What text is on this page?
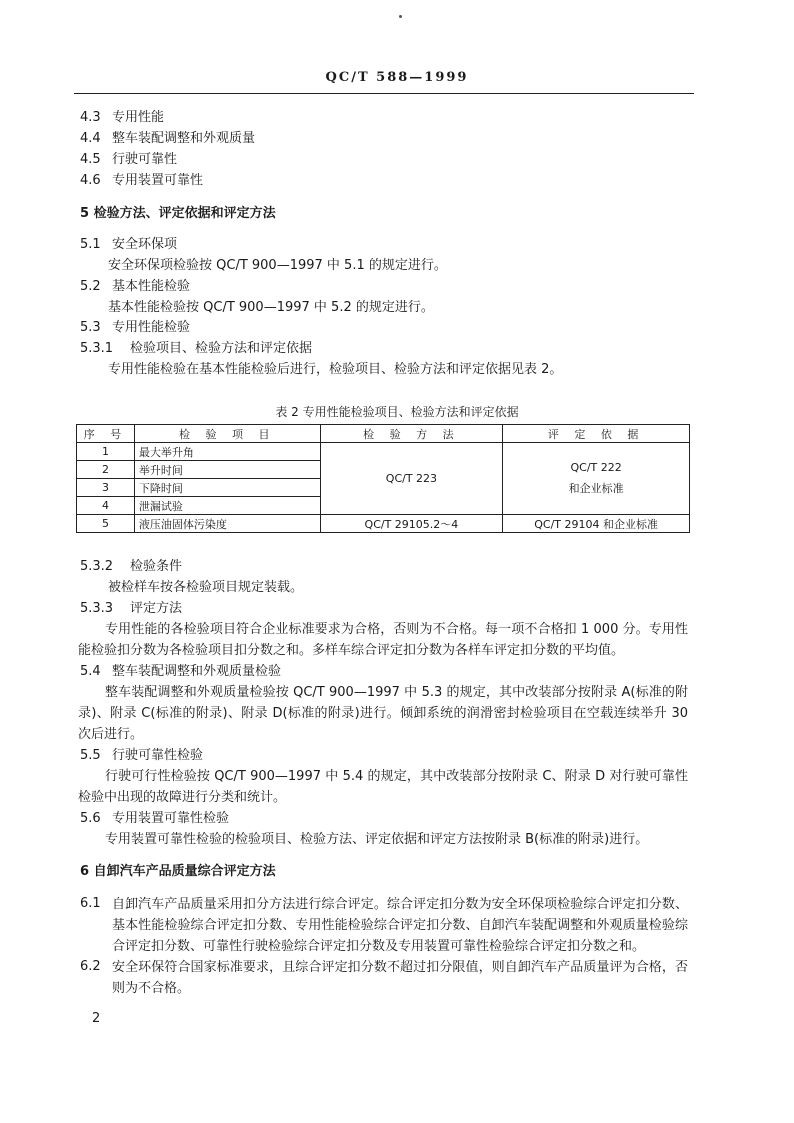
QC/T 588—1999
4.3 专用性能
4.4 整车装配调整和外观质量
4.5 行驶可靠性
4.6 专用装置可靠性
5 检验方法、评定依据和评定方法
5.1 安全环保项
安全环保项检验按 QC/T 900—1997 中 5.1 的规定进行。
5.2 基本性能检验
基本性能检验按 QC/T 900—1997 中 5.2 的规定进行。
5.3 专用性能检验
5.3.1 检验项目、检验方法和评定依据
专用性能检验在基本性能检验后进行，检验项目、检验方法和评定依据见表 2。
表 2 专用性能检验项目、检验方法和评定依据
序 号	检 验 项 目	检 验 方 法	评 定 依 据
1	最大举升角	QC/T 223	QC/T 222
和企业标准

2	举升时间		
3	下降时间		
4	泄漏试验		
5	液压油固体污染度	QC/T 29105.2～4	QC/T 29104 和企业标准
5.3.2 检验条件
被检样车按各检验项目规定装载。
5.3.3 评定方法
专用性能的各检验项目符合企业标准要求为合格，否则为不合格。每一项不合格扣 1 000 分。专用性能检验扣分数为各检验项目扣分数之和。多样车综合评定扣分数为各样车评定扣分数的平均值。
5.4 整车装配调整和外观质量检验
整车装配调整和外观质量检验按 QC/T 900—1997 中 5.3 的规定，其中改装部分按附录 A(标准的附录)、附录 C(标准的附录)、附录 D(标准的附录)进行。倾卸系统的润滑密封检验项目在空载连续举升 30 次后进行。
5.5 行驶可靠性检验
行驶可行性检验按 QC/T 900—1997 中 5.4 的规定，其中改装部分按附录 C、附录 D 对行驶可靠性检验中出现的故障进行分类和统计。
5.6 专用装置可靠性检验
专用装置可靠性检验的检验项目、检验方法、评定依据和评定方法按附录 B(标准的附录)进行。
6 自卸汽车产品质量综合评定方法
6.1 自卸汽车产品质量采用扣分方法进行综合评定。综合评定扣分数为安全环保项检验综合评定扣分数、基本性能检验综合评定扣分数、专用性能检验综合评定扣分数、自卸汽车装配调整和外观质量检验综合评定扣分数、可靠性行驶检验综合评定扣分数及专用装置可靠性检验综合评定扣分数之和。
6.2 安全环保符合国家标准要求，且综合评定扣分数不超过扣分限值，则自卸汽车产品质量评为合格，否则为不合格。
2
